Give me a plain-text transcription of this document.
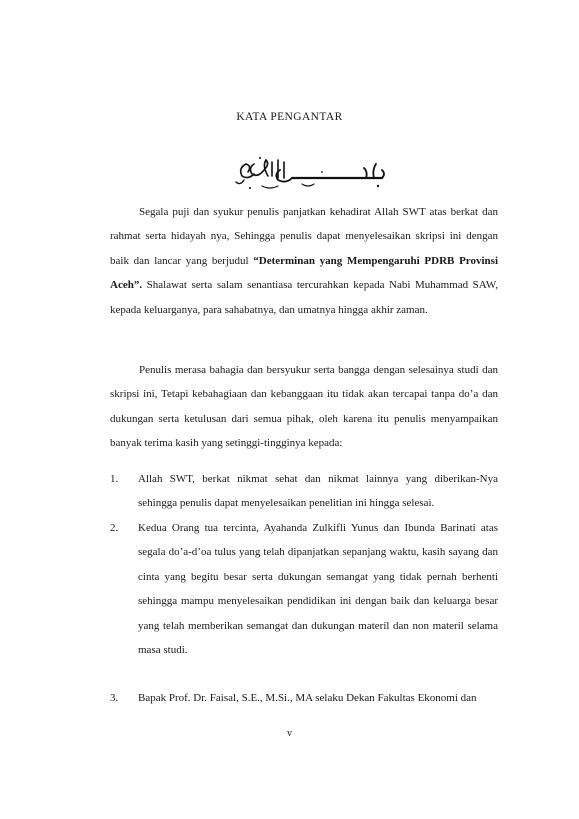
KATA PENGANTAR

Segala puji dan syukur penulis panjatkan kehadirat Allah SWT atas berkat dan rahmat serta hidayah nya, Sehingga penulis dapat menyelesaikan skripsi ini dengan baik dan lancar yang berjudul “Determinan yang Mempengaruhi PDRB Provinsi Aceh”. Shalawat serta salam senantiasa tercurahkan kepada Nabi Muhammad SAW, kepada keluarganya, para sahabatnya, dan umatnya hingga akhir zaman.

Penulis merasa bahagia dan bersyukur serta bangga dengan selesainya studi dan skripsi ini, Tetapi kebahagiaan dan kebanggaan itu tidak akan tercapai tanpa do’a dan dukungan serta ketulusan dari semua pihak, oleh karena itu penulis menyampaikan banyak terima kasih yang setinggi-tingginya kepada:

1.	Allah SWT, berkat nikmat sehat dan nikmat lainnya yang diberikan-Nya sehingga penulis dapat menyelesaikan penelitian ini hingga selesai.

2.	Kedua Orang tua tercinta, Ayahanda Zulkifli Yunus dan Ibunda Barinati atas segala do’a-d’oa tulus yang telah dipanjatkan sepanjang waktu, kasih sayang dan cinta yang begitu besar serta dukungan semangat yang tidak pernah berhenti sehingga mampu menyelesaikan pendidikan ini dengan baik dan keluarga besar yang telah memberikan semangat dan dukungan materil dan non materil selama masa studi.

3.	Bapak Prof. Dr. Faisal, S.E., M.Si., MA selaku Dekan Fakultas Ekonomi dan

v
